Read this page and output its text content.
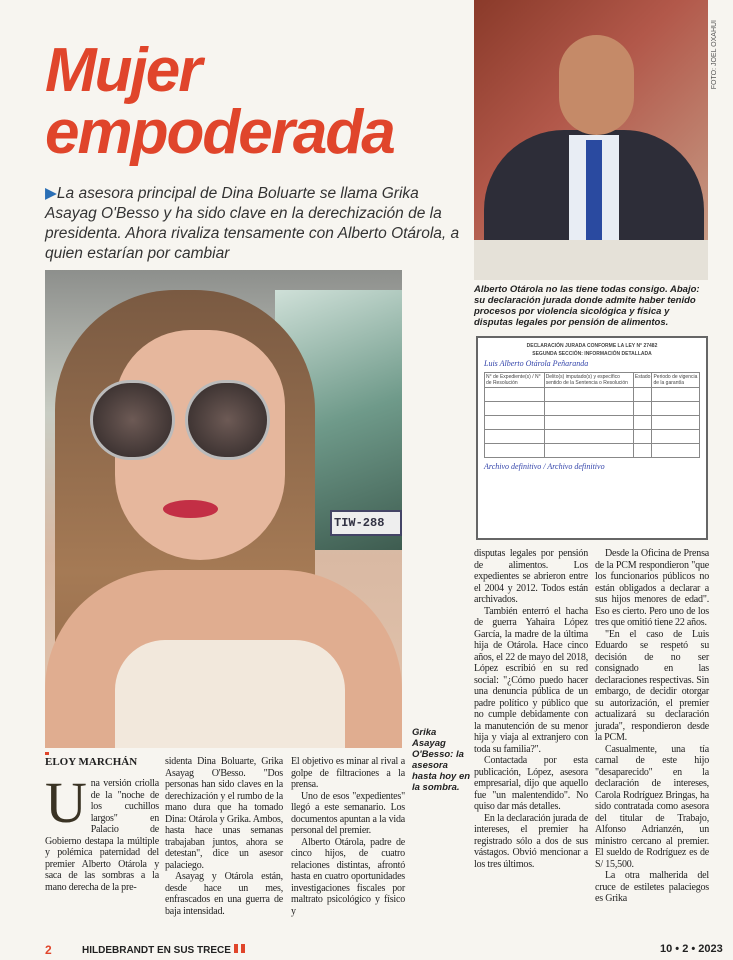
Mujer
empoderada
▶La asesora principal de Dina Boluarte se llama Grika Asayag O'Besso y ha sido clave en la derechización de la presidenta. Ahora rivaliza tensamente con Alberto Otárola, a quien estarían por cambiar
TIW-288
Grika Asayag O'Besso: la asesora hasta hoy en la sombra.
FOTO: JOEL OXAHUI
Alberto Otárola no las tiene todas consigo. Abajo: su declaración jurada donde admite haber tenido procesos por violencia sicológica y física y disputas legales por pensión de alimentos.
DECLARACIÓN JURADA CONFORME LA LEY N° 27482
SEGUNDA SECCIÓN: INFORMACIÓN DETALLADA
Luis Alberto Otárola Peñaranda
N° de Expediente(s) / N° de Resolución	Delito(s) imputado(s) y específico sentido de la Sentencia o Resolución	Estado	Periodo de vigencia de la garantía

Archivo definitivo / Archivo definitivo
ELOY MARCHÁN
Una versión criolla de la "noche de los cuchillos largos" en Palacio de Gobierno destapa la múltiple y polémica paternidad del premier Alberto Otárola y saca de las sombras a la mano derecha de la pre-
sidenta Dina Boluarte, Grika Asayag O'Besso. "Dos personas han sido claves en la derechización y el rumbo de la mano dura que ha tomado Dina: Otárola y Grika. Ambos, hasta hace unas semanas trabajaban juntos, ahora se detestan", dice un asesor palaciego.

Asayag y Otárola están, desde hace un mes, enfrascados en una guerra de baja intensidad.

El objetivo es minar al rival a golpe de filtraciones a la prensa.

Uno de esos "expedientes" llegó a este semanario. Los documentos apuntan a la vida personal del premier.

Alberto Otárola, padre de cinco hijos, de cuatro relaciones distintas, afrontó hasta en cuatro oportunidades investigaciones fiscales por maltrato psicológico y físico y

disputas legales por pensión de alimentos. Los expedientes se abrieron entre el 2004 y 2012. Todos están archivados.

También enterró el hacha de guerra Yahaira López García, la madre de la última hija de Otárola. Hace cinco años, el 22 de mayo del 2018, López escribió en su red social: "¿Cómo puedo hacer una denuncia pública de un padre político y público que no cumple debidamente con la manutención de su menor hija y viaja al extranjero con toda su familia?".

Contactada por esta publicación, López, asesora empresarial, dijo que aquello fue "un malentendido". No quiso dar más detalles.

En la declaración jurada de intereses, el premier ha registrado sólo a dos de sus vástagos. Obvió mencionar a los tres últimos.

Desde la Oficina de Prensa de la PCM respondieron "que los funcionarios públicos no están obligados a declarar a sus hijos menores de edad". Eso es cierto. Pero uno de los tres que omitió tiene 22 años.

"En el caso de Luis Eduardo se respetó su decisión de no ser consignado en las declaraciones respectivas. Sin embargo, de decidir otorgar su autorización, el premier actualizará su declaración jurada", respondieron desde la PCM.

Casualmente, una tía carnal de este hijo "desaparecido" en la declaración de intereses, Carola Rodríguez Bringas, ha sido contratada como asesora del titular de Trabajo, Alfonso Adrianzén, un ministro cercano al premier. El sueldo de Rodríguez es de S/ 15,500.

La otra malherida del cruce de estiletes palaciegos es Grika

2	HILDEBRANDT EN SUS TRECE	10 • 2 • 2023
